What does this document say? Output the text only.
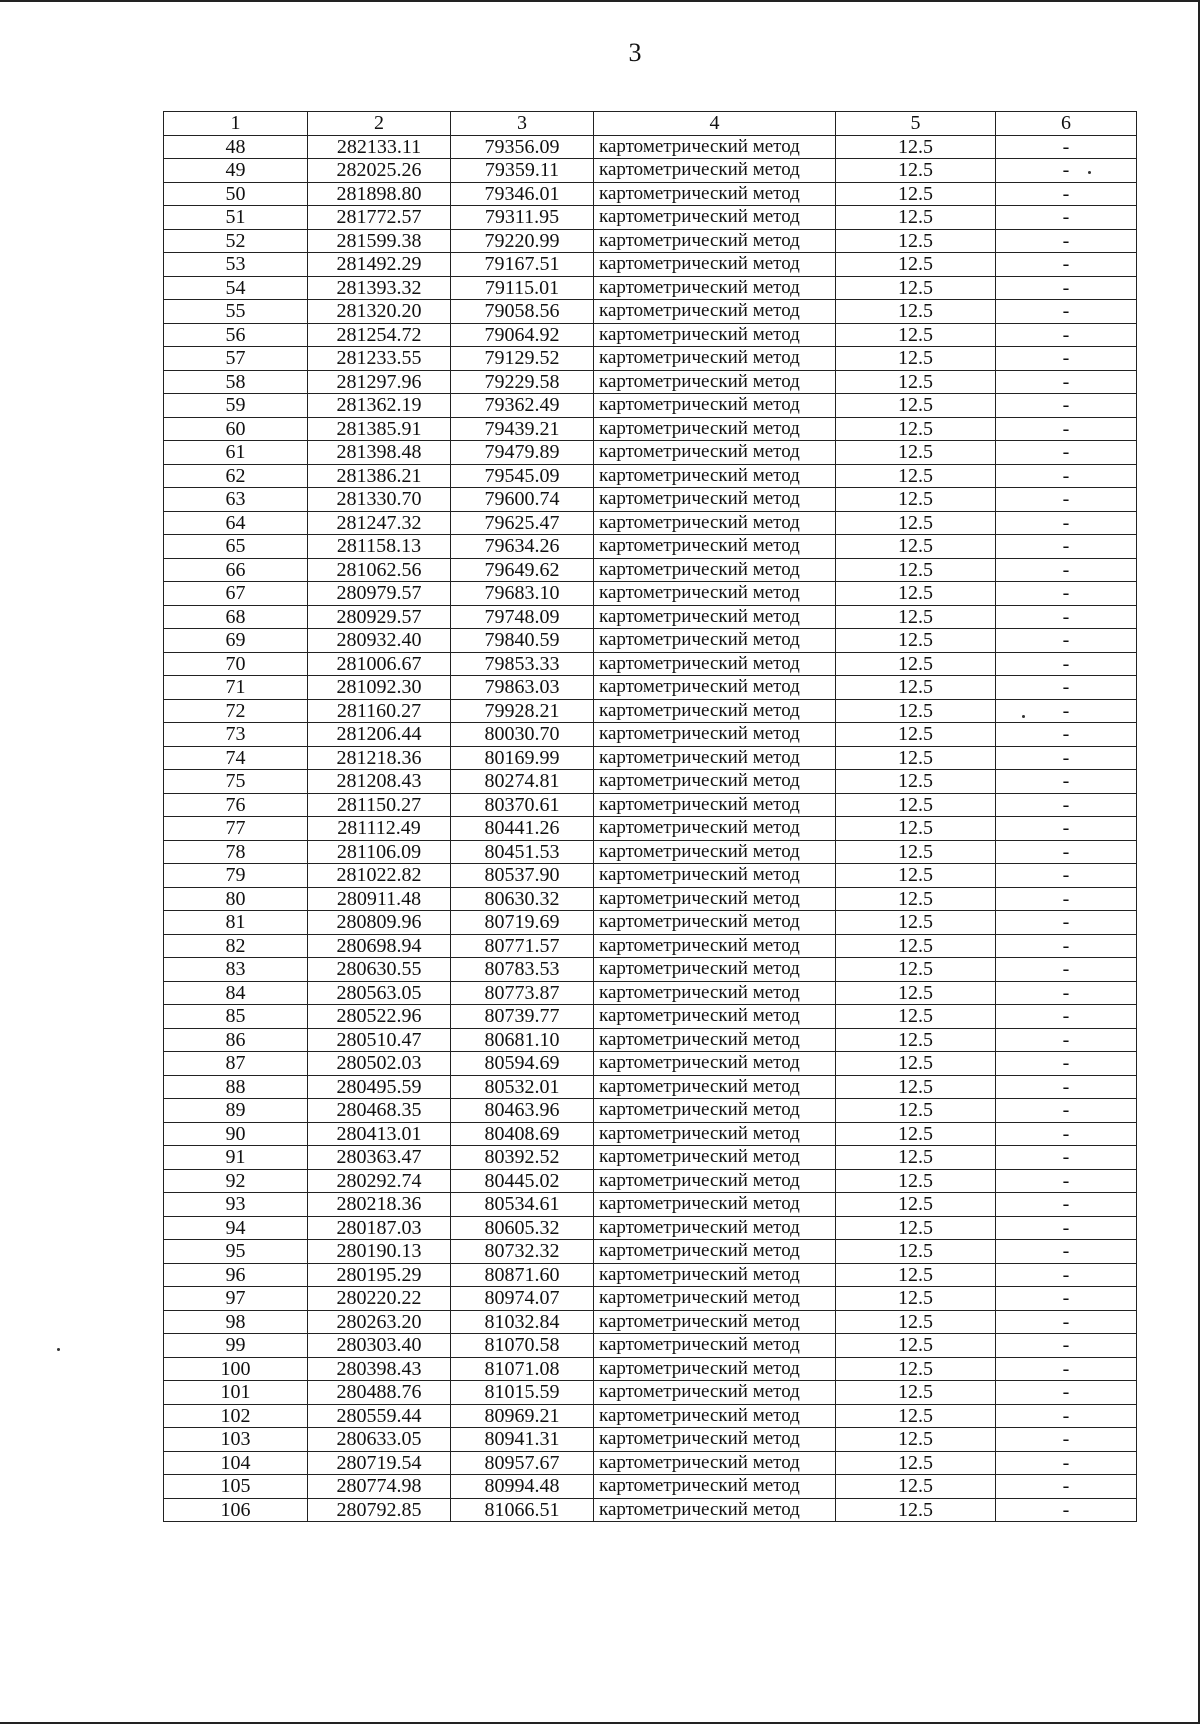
3
1	2	3	4	5	6
48	282133.11	79356.09	картометрический метод	12.5	-
49	282025.26	79359.11	картометрический метод	12.5	-
50	281898.80	79346.01	картометрический метод	12.5	-
51	281772.57	79311.95	картометрический метод	12.5	-
52	281599.38	79220.99	картометрический метод	12.5	-
53	281492.29	79167.51	картометрический метод	12.5	-
54	281393.32	79115.01	картометрический метод	12.5	-
55	281320.20	79058.56	картометрический метод	12.5	-
56	281254.72	79064.92	картометрический метод	12.5	-
57	281233.55	79129.52	картометрический метод	12.5	-
58	281297.96	79229.58	картометрический метод	12.5	-
59	281362.19	79362.49	картометрический метод	12.5	-
60	281385.91	79439.21	картометрический метод	12.5	-
61	281398.48	79479.89	картометрический метод	12.5	-
62	281386.21	79545.09	картометрический метод	12.5	-
63	281330.70	79600.74	картометрический метод	12.5	-
64	281247.32	79625.47	картометрический метод	12.5	-
65	281158.13	79634.26	картометрический метод	12.5	-
66	281062.56	79649.62	картометрический метод	12.5	-
67	280979.57	79683.10	картометрический метод	12.5	-
68	280929.57	79748.09	картометрический метод	12.5	-
69	280932.40	79840.59	картометрический метод	12.5	-
70	281006.67	79853.33	картометрический метод	12.5	-
71	281092.30	79863.03	картометрический метод	12.5	-
72	281160.27	79928.21	картометрический метод	12.5	-
73	281206.44	80030.70	картометрический метод	12.5	-
74	281218.36	80169.99	картометрический метод	12.5	-
75	281208.43	80274.81	картометрический метод	12.5	-
76	281150.27	80370.61	картометрический метод	12.5	-
77	281112.49	80441.26	картометрический метод	12.5	-
78	281106.09	80451.53	картометрический метод	12.5	-
79	281022.82	80537.90	картометрический метод	12.5	-
80	280911.48	80630.32	картометрический метод	12.5	-
81	280809.96	80719.69	картометрический метод	12.5	-
82	280698.94	80771.57	картометрический метод	12.5	-
83	280630.55	80783.53	картометрический метод	12.5	-
84	280563.05	80773.87	картометрический метод	12.5	-
85	280522.96	80739.77	картометрический метод	12.5	-
86	280510.47	80681.10	картометрический метод	12.5	-
87	280502.03	80594.69	картометрический метод	12.5	-
88	280495.59	80532.01	картометрический метод	12.5	-
89	280468.35	80463.96	картометрический метод	12.5	-
90	280413.01	80408.69	картометрический метод	12.5	-
91	280363.47	80392.52	картометрический метод	12.5	-
92	280292.74	80445.02	картометрический метод	12.5	-
93	280218.36	80534.61	картометрический метод	12.5	-
94	280187.03	80605.32	картометрический метод	12.5	-
95	280190.13	80732.32	картометрический метод	12.5	-
96	280195.29	80871.60	картометрический метод	12.5	-
97	280220.22	80974.07	картометрический метод	12.5	-
98	280263.20	81032.84	картометрический метод	12.5	-
99	280303.40	81070.58	картометрический метод	12.5	-
100	280398.43	81071.08	картометрический метод	12.5	-
101	280488.76	81015.59	картометрический метод	12.5	-
102	280559.44	80969.21	картометрический метод	12.5	-
103	280633.05	80941.31	картометрический метод	12.5	-
104	280719.54	80957.67	картометрический метод	12.5	-
105	280774.98	80994.48	картометрический метод	12.5	-
106	280792.85	81066.51	картометрический метод	12.5	-
